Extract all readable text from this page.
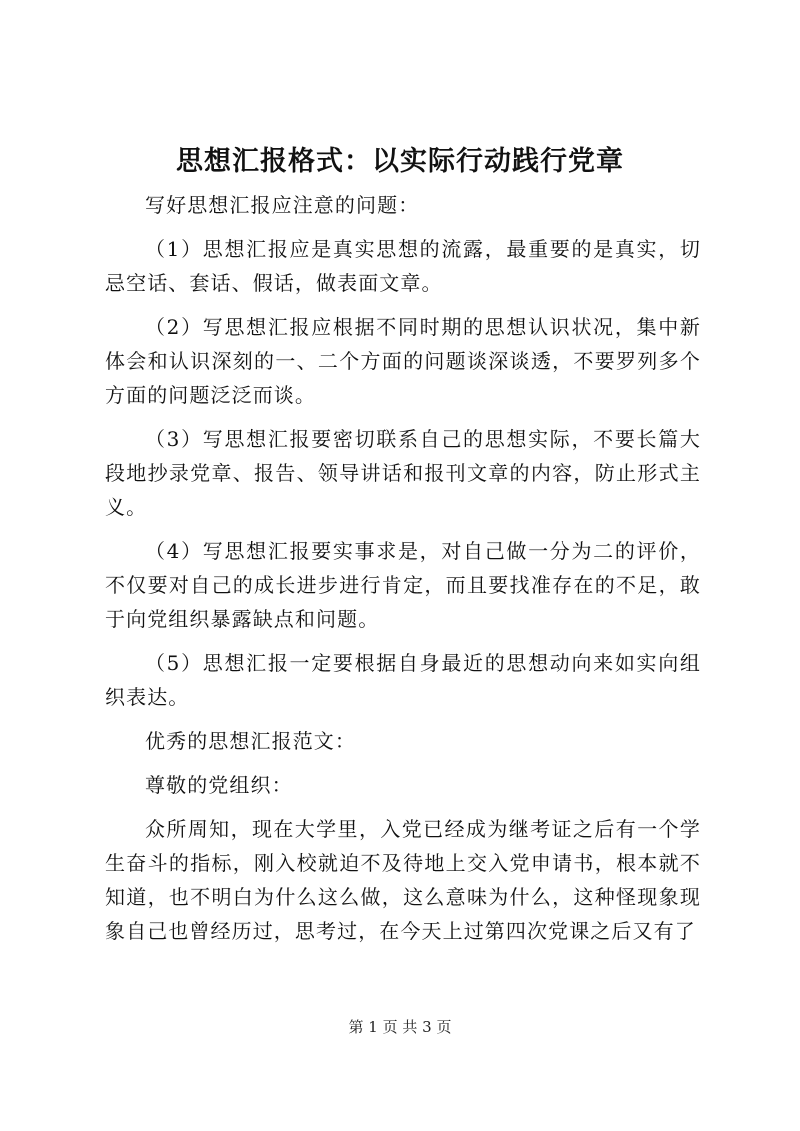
思想汇报格式：以实际行动践行党章

写好思想汇报应注意的问题：

（1）思想汇报应是真实思想的流露，最重要的是真实，切忌空话、套话、假话，做表面文章。

（2）写思想汇报应根据不同时期的思想认识状况，集中新体会和认识深刻的一、二个方面的问题谈深谈透，不要罗列多个方面的问题泛泛而谈。

（3）写思想汇报要密切联系自己的思想实际，不要长篇大段地抄录党章、报告、领导讲话和报刊文章的内容，防止形式主义。

（4）写思想汇报要实事求是，对自己做一分为二的评价，不仅要对自己的成长进步进行肯定，而且要找准存在的不足，敢于向党组织暴露缺点和问题。

（5）思想汇报一定要根据自身最近的思想动向来如实向组织表达。

优秀的思想汇报范文：

尊敬的党组织：

众所周知，现在大学里，入党已经成为继考证之后有一个学生奋斗的指标，刚入校就迫不及待地上交入党申请书，根本就不知道，也不明白为什么这么做，这么意味为什么，这种怪现象现象自己也曾经历过，思考过，在今天上过第四次党课之后又有了

第 1 页 共 3 页
